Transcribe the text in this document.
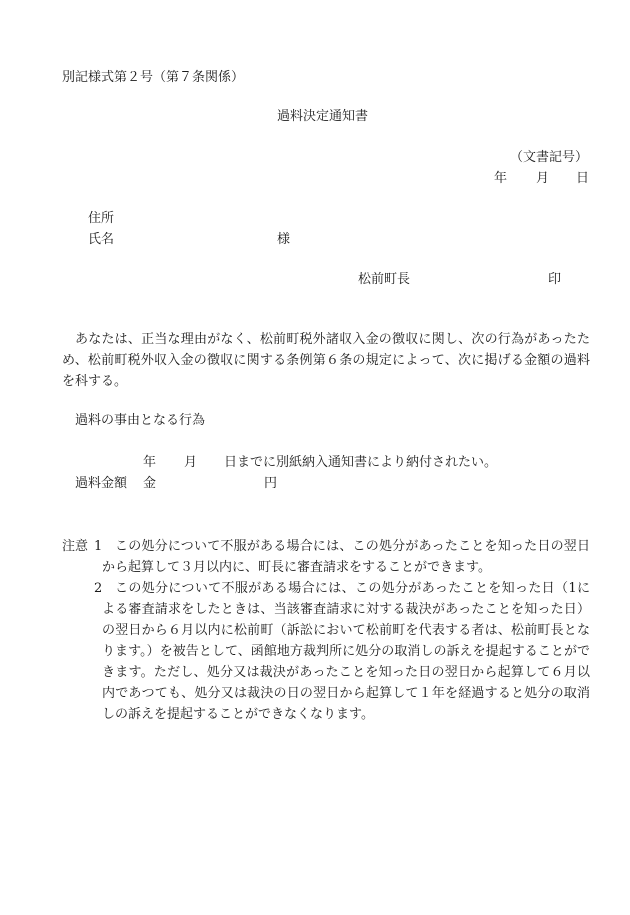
別記様式第２号（第７条関係）
過料決定通知書
（文書記号）
年 月 日
住所
氏名	様
松前町長	印
あなたは、正当な理由がなく、松前町税外諸収入金の徴収に関し、次の行為があったため、松前町税外収入金の徴収に関する条例第６条の規定によって、次に掲げる金額の過料を科する。
過料の事由となる行為
年 月 日までに別紙納入通知書により納付されたい。
過料金額 金	円
注意 1 この処分について不服がある場合には、この処分があったことを知った日の翌日から起算して３月以内に、町長に審査請求をすることができます。
2 この処分について不服がある場合には、この処分があったことを知った日（1による審査請求をしたときは、当該審査請求に対する裁決があったことを知った日）の翌日から６月以内に松前町（訴訟において松前町を代表する者は、松前町長となります。）を被告として、函館地方裁判所に処分の取消しの訴えを提起することができます。ただし、処分又は裁決があったことを知った日の翌日から起算して６月以内であつても、処分又は裁決の日の翌日から起算して１年を経過すると処分の取消しの訴えを提起することができなくなります。
